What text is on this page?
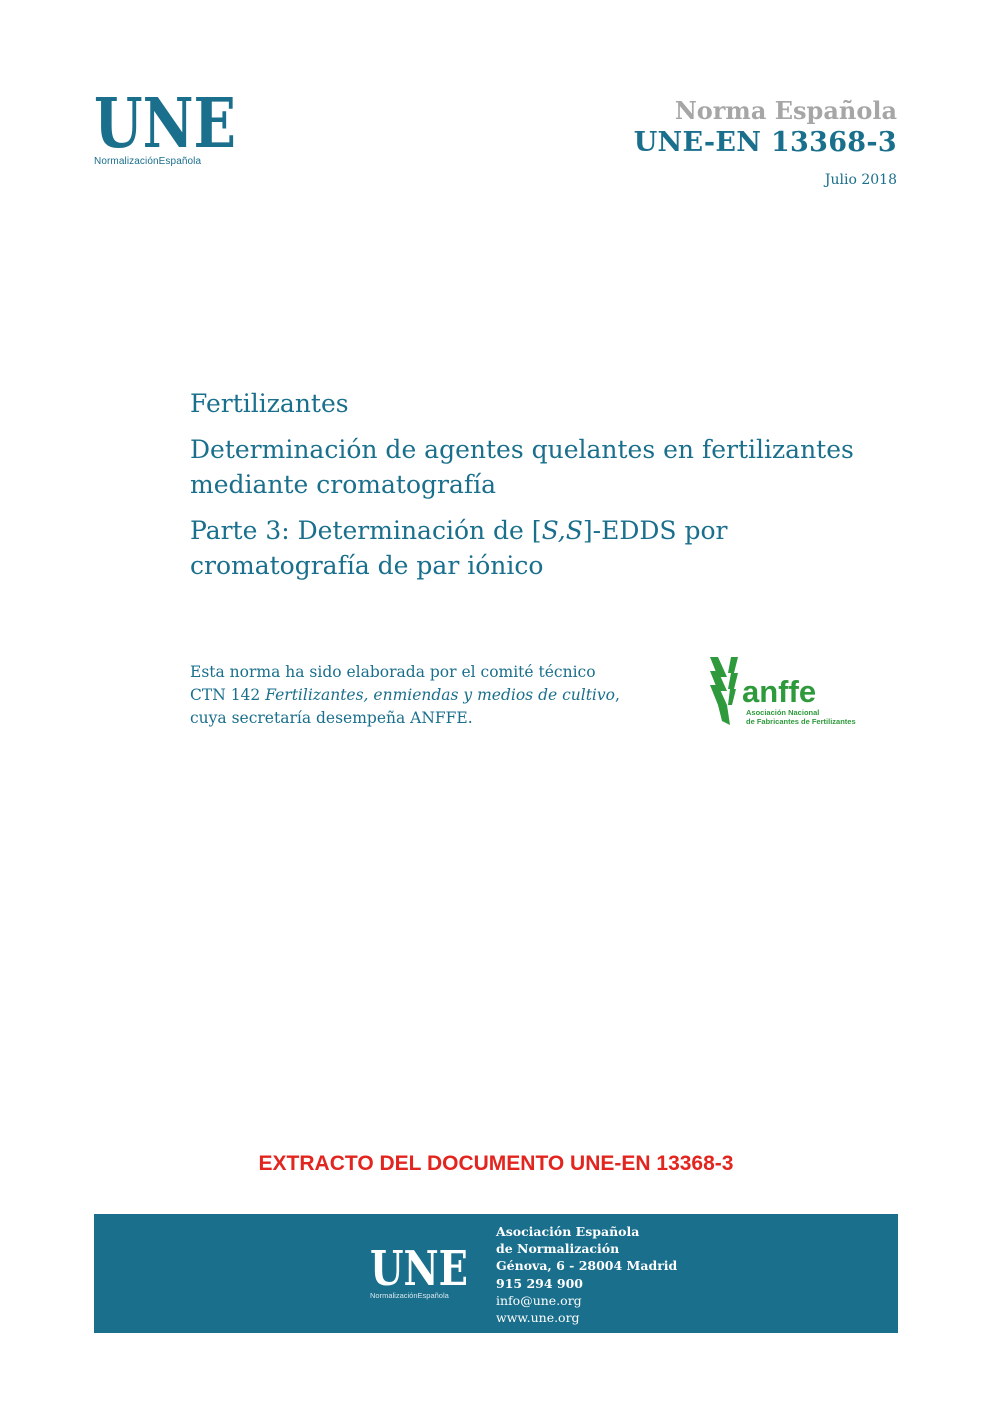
UNE
NormalizaciónEspañola
Norma Española
UNE-EN 13368-3
Julio 2018

Fertilizantes

Determinación de agentes quelantes en fertilizantes mediante cromatografía

Parte 3: Determinación de [S,S]-EDDS por cromatografía de par iónico

Esta norma ha sido elaborada por el comité técnico

CTN 142 Fertilizantes, enmiendas y medios de cultivo,

cuya secretaría desempeña ANFFE.

anffe
Asociación Nacional
de Fabricantes de Fertilizantes
EXTRACTO DEL DOCUMENTO UNE-EN 13368-3
UNE
NormalizaciónEspañola

Asociación Española

de Normalización

Génova, 6 - 28004 Madrid

915 294 900

info@une.org

www.une.org
